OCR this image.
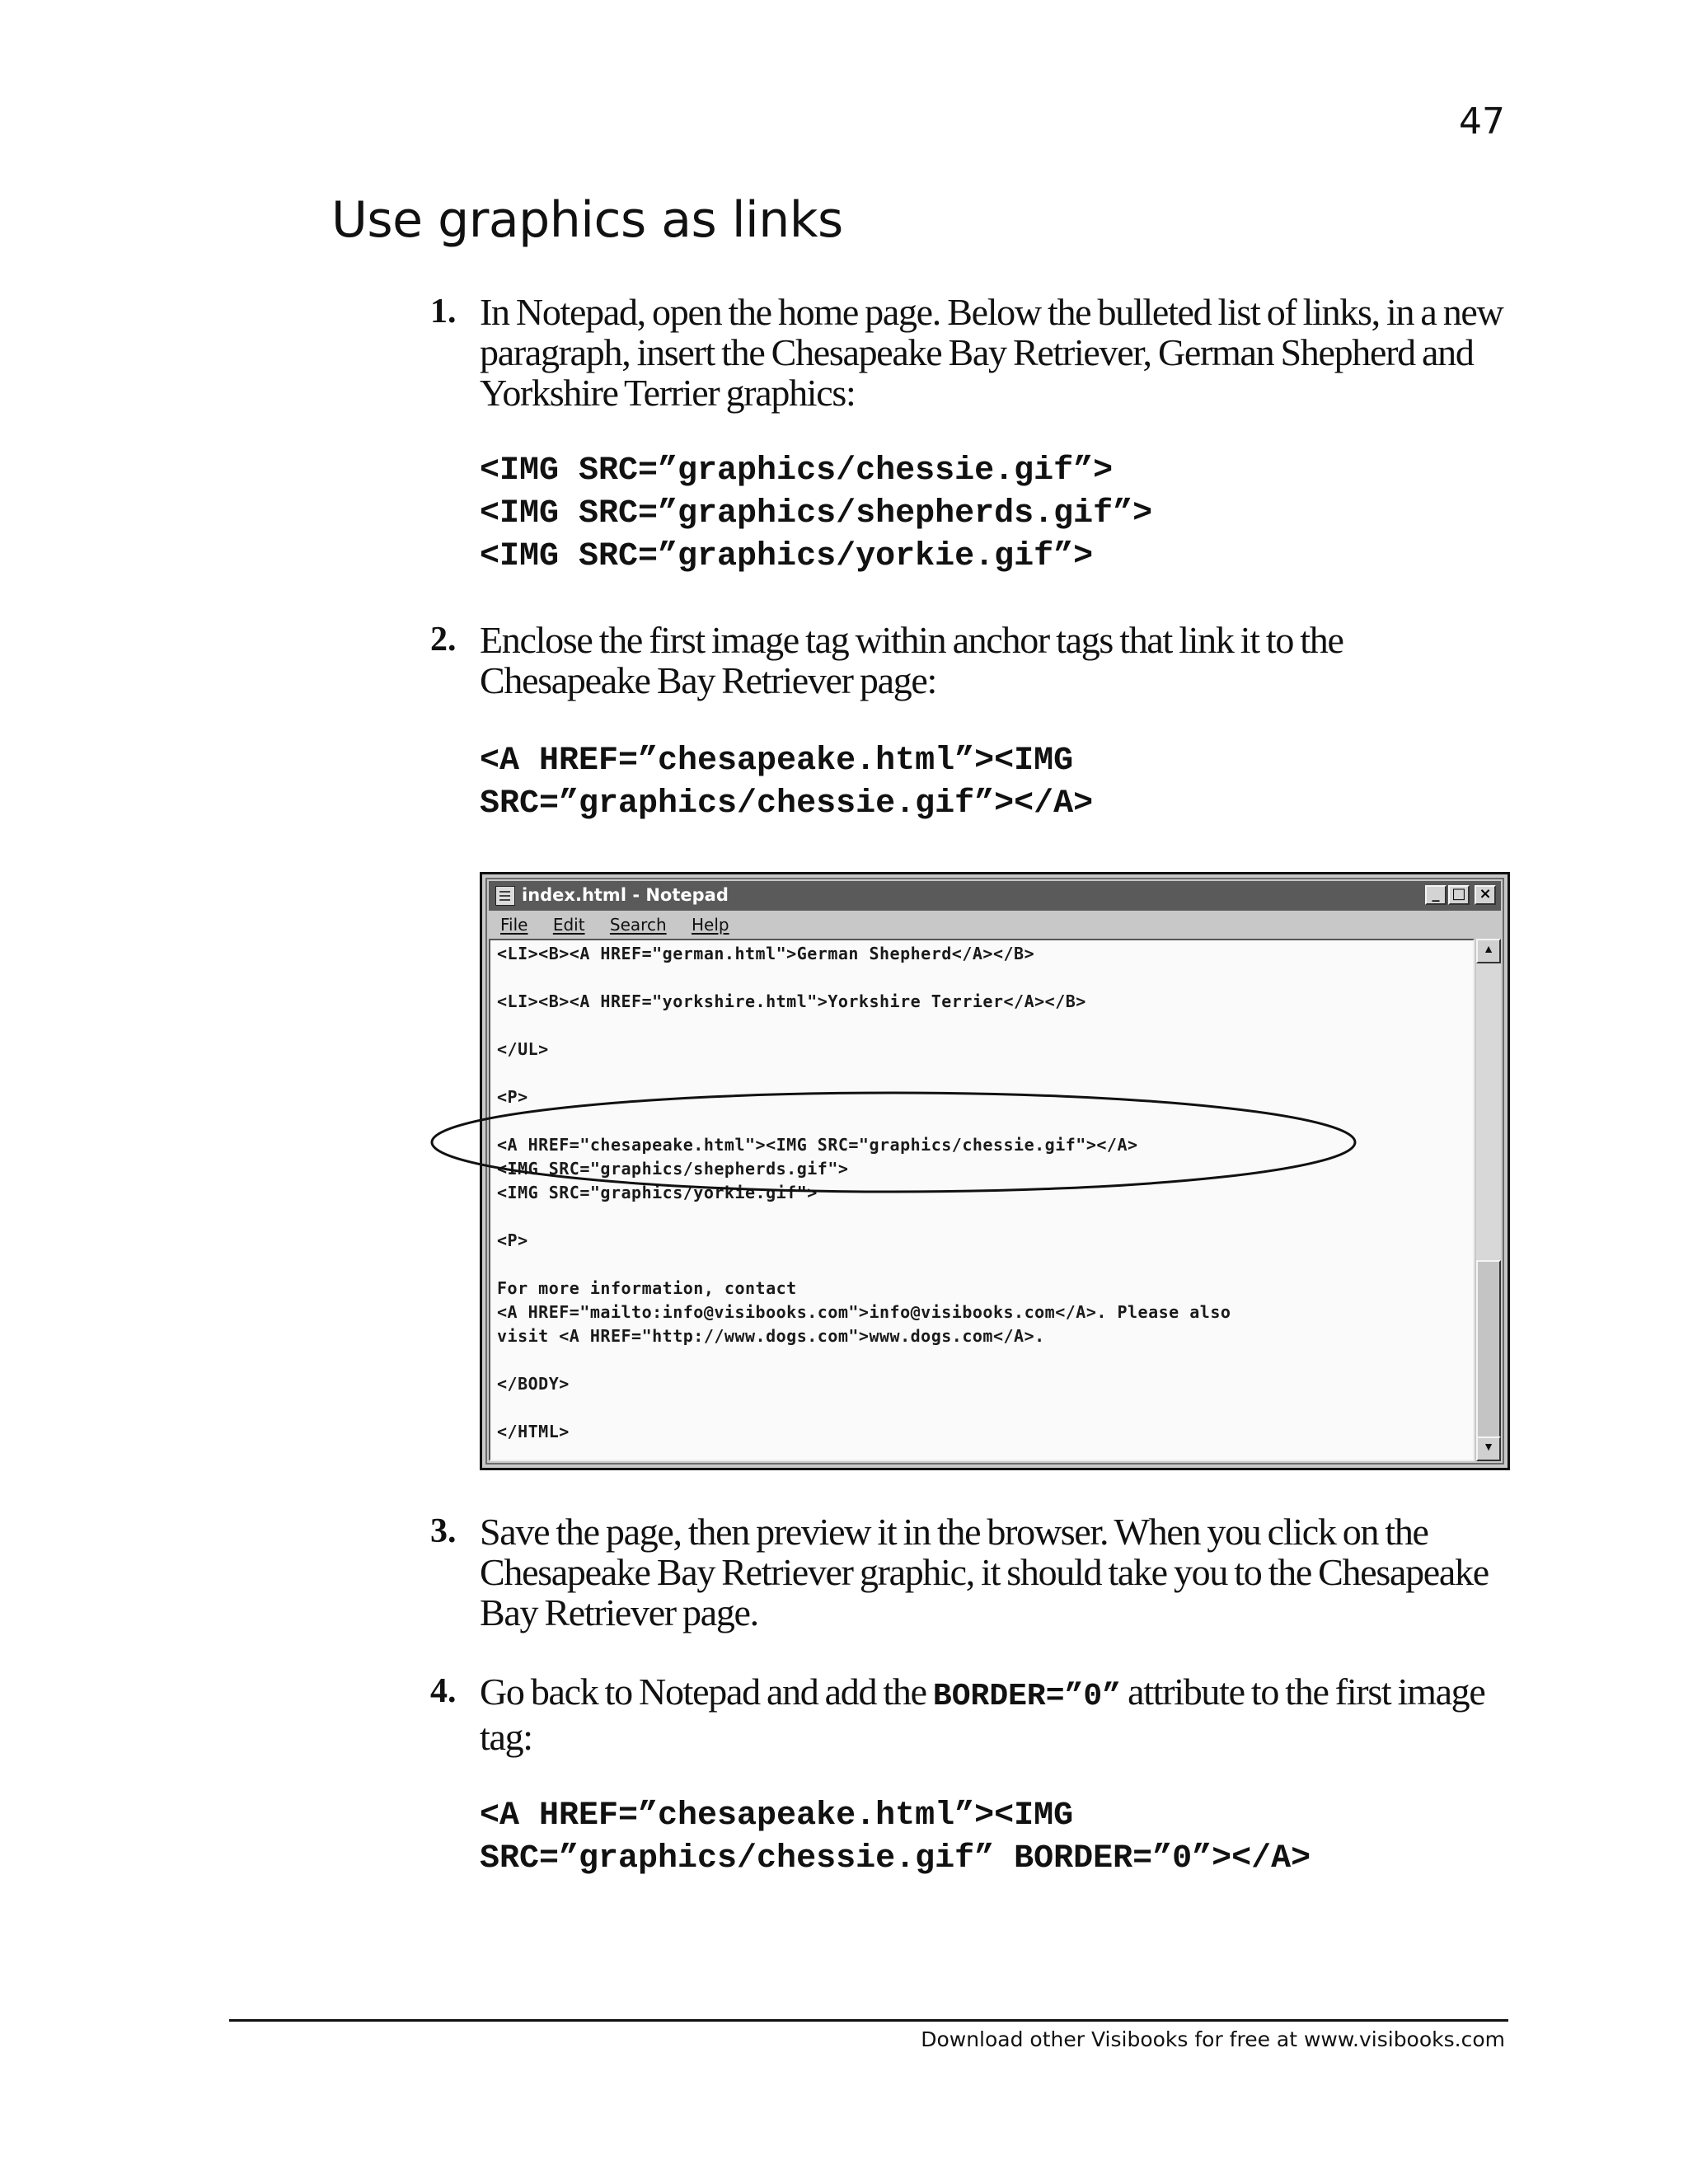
47
Use graphics as links
1. In Notepad, open the home page. Below the bulleted list of links, in a new paragraph, insert the Chesapeake Bay Retriever, German Shepherd and Yorkshire Terrier graphics:
<IMG SRC=”graphics/chessie.gif”>
<IMG SRC=”graphics/shepherds.gif”>
<IMG SRC=”graphics/yorkie.gif”>
2. Enclose the first image tag within anchor tags that link it to the Chesapeake Bay Retriever page:
<A HREF=”chesapeake.html”><IMG
SRC=”graphics/chessie.gif”></A>
index.html - Notepad	_ □ ×
File Edit Search Help
<LI><B><A HREF="german.html">German Shepherd</A></B>
<LI><B><A HREF="yorkshire.html">Yorkshire Terrier</A></B>
</UL>
<P>
<A HREF="chesapeake.html"><IMG SRC="graphics/chessie.gif"></A>
<IMG SRC="graphics/shepherds.gif">
<IMG SRC="graphics/yorkie.gif">
<P>
For more information, contact
<A HREF="mailto:info@visibooks.com">info@visibooks.com</A>. Please also
visit <A HREF="http://www.dogs.com">www.dogs.com</A>.
</BODY>
</HTML>
▲
▼
3. Save the page, then preview it in the browser. When you click on the Chesapeake Bay Retriever graphic, it should take you to the Chesapeake Bay Retriever page.
4. Go back to Notepad and add the BORDER=”0” attribute to the first image tag:
<A HREF=”chesapeake.html”><IMG
SRC=”graphics/chessie.gif” BORDER=”0”></A>
Download other Visibooks for free at www.visibooks.com
